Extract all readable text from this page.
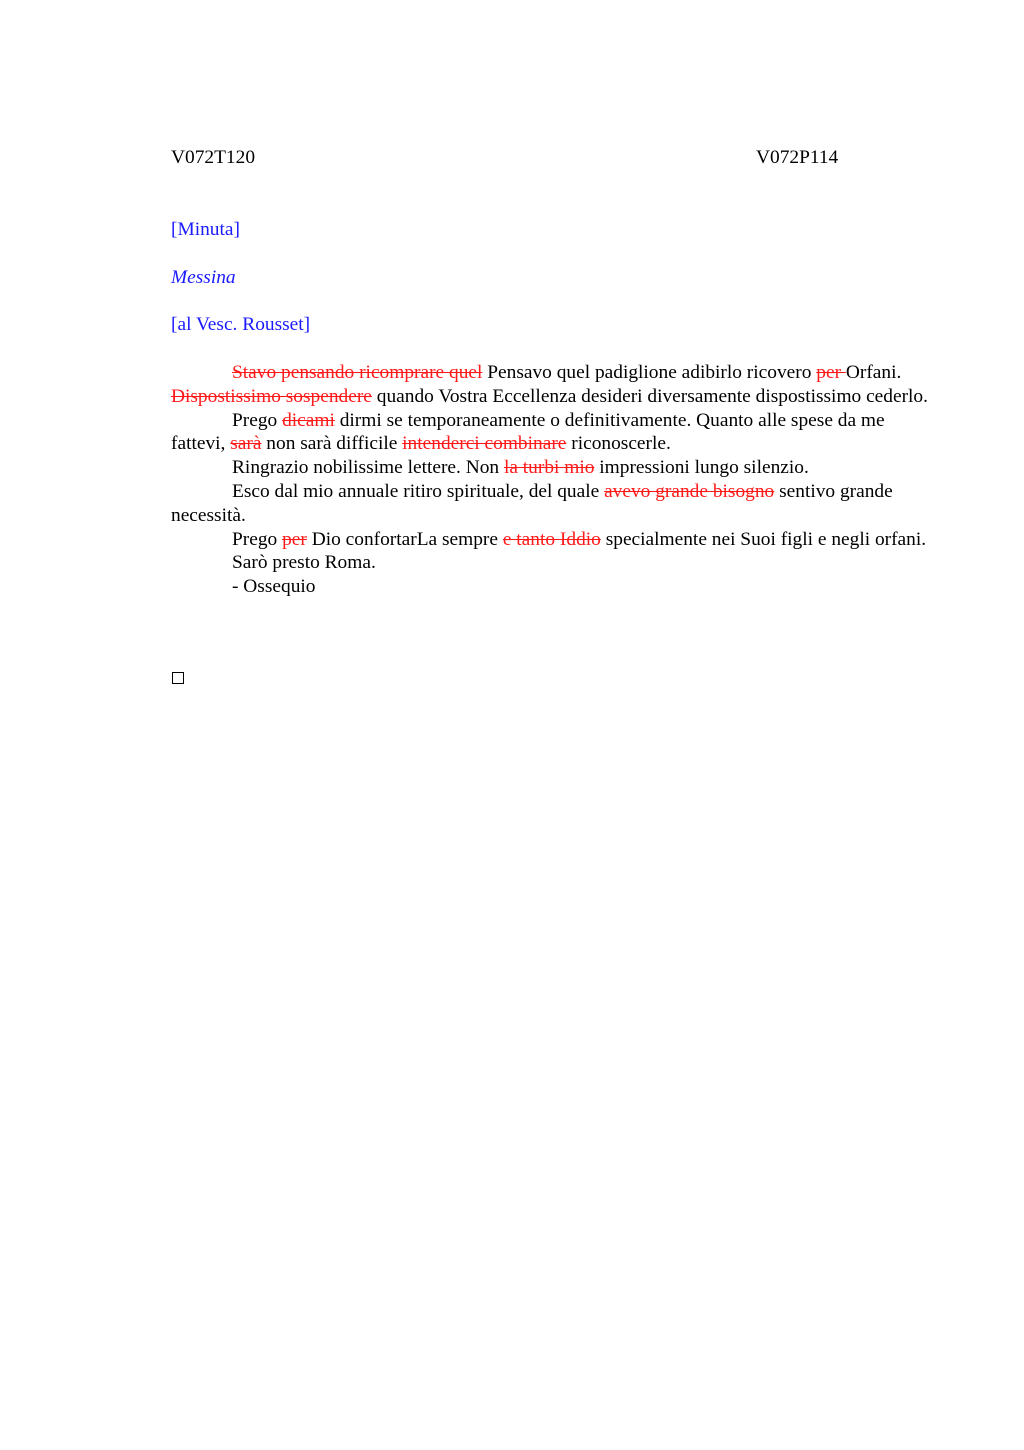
V072T120	V072P114
[Minuta]
Messina
[al Vesc. Rousset]

Stavo pensando ricomprare quel Pensavo quel padiglione adibirlo ricovero per Orfani. Dispostissimo sospendere quando Vostra Eccellenza desideri diversamente dispostissimo cederlo.

Prego dicami dirmi se temporaneamente o definitivamente. Quanto alle spese da me fattevi, sarà non sarà difficile intenderci combinare riconoscerle.

Ringrazio nobilissime lettere. Non la turbi mio impressioni lungo silenzio.

Esco dal mio annuale ritiro spirituale, del quale avevo grande bisogno sentivo grande necessità.

Prego per Dio confortarLa sempre e tanto Iddio specialmente nei Suoi figli e negli orfani.

Sarò presto Roma.

- Ossequio
